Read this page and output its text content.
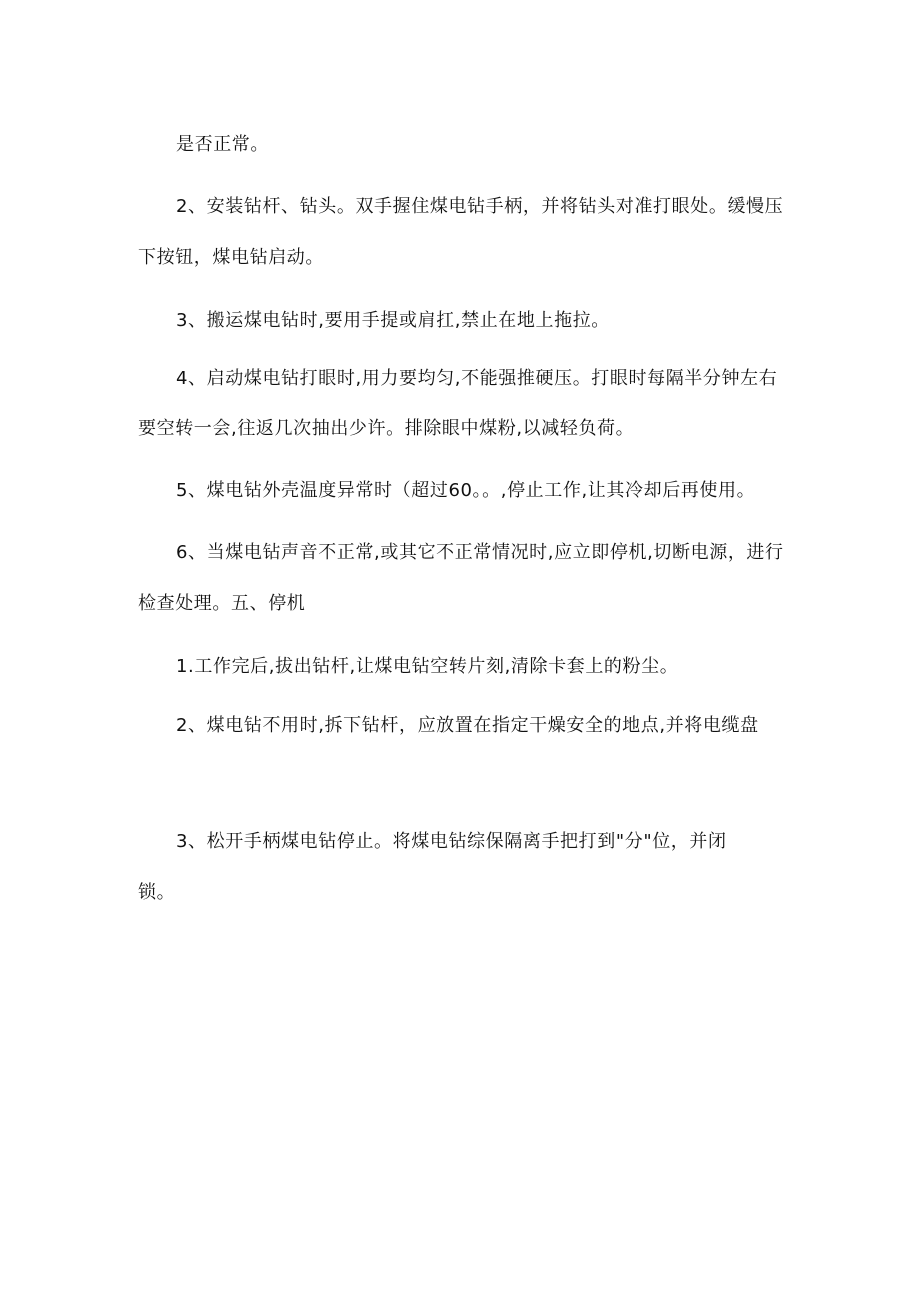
是否正常。

2、安装钻杆、钻头。双手握住煤电钻手柄，并将钻头对准打眼处。缓慢压

下按钮，煤电钻启动。

3、搬运煤电钻时,要用手提或肩扛,禁止在地上拖拉。

4、启动煤电钻打眼时,用力要均匀,不能强推硬压。打眼时每隔半分钟左右

要空转一会,往返几次抽出少许。排除眼中煤粉,以减轻负荷。

5、煤电钻外壳温度异常时（超过60。。,停止工作,让其冷却后再使用。

6、当煤电钻声音不正常,或其它不正常情况时,应立即停机,切断电源，进行

检查处理。五、停机

1.工作完后,拔出钻杆,让煤电钻空转片刻,清除卡套上的粉尘。

2、煤电钻不用时,拆下钻杆，应放置在指定干燥安全的地点,并将电缆盘

3、松开手柄煤电钻停止。将煤电钻综保隔离手把打到"分"位，并闭

锁。
